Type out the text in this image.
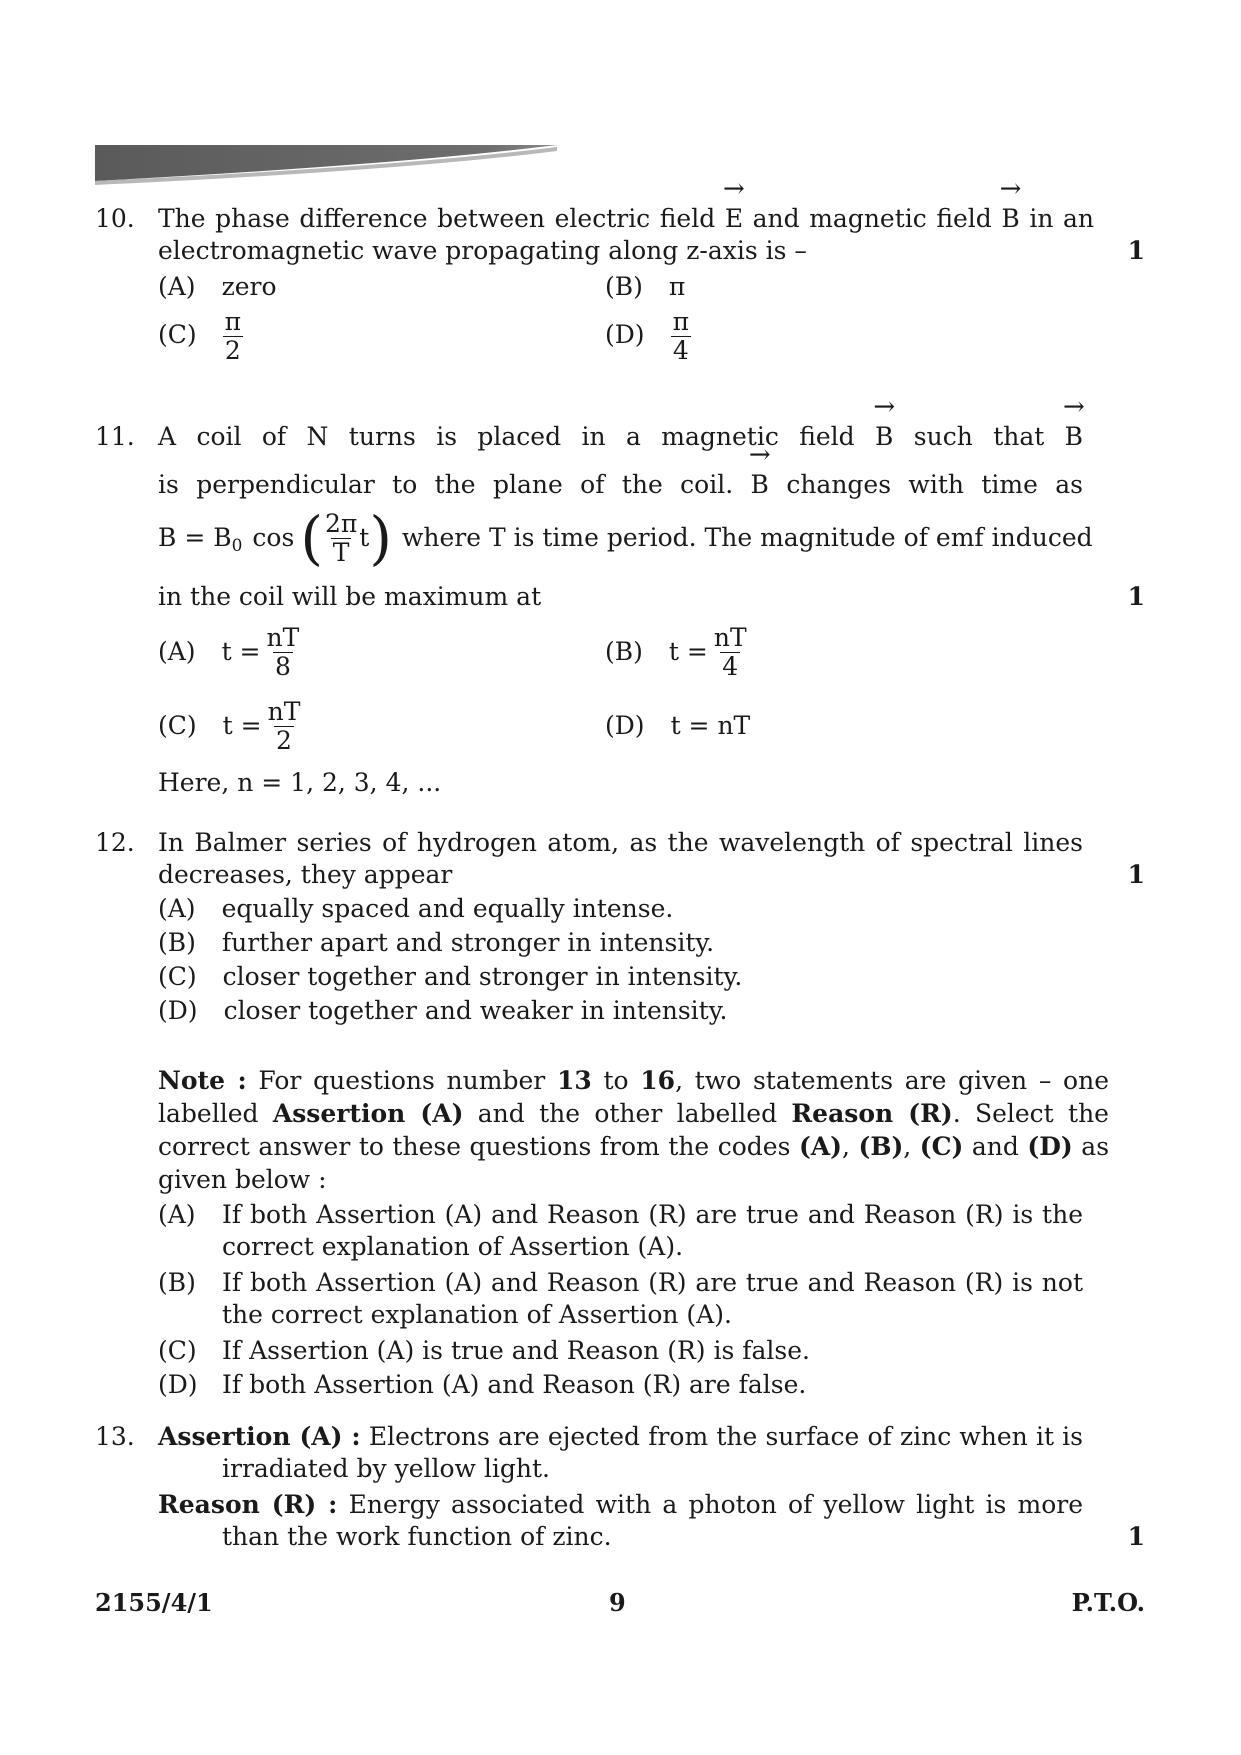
10. The phase difference between electric field → E and magnetic field → B in an
electromagnetic wave propagating along z-axis is –	1
(A) zero	(B) π
$(C) \frac{\pi}{2}$	$(D) \frac{\pi}{4}$
11. A coil of N turns is placed in a magnetic field → B such that → B
is perpendicular to the plane of the coil. → B changes with time as
$B = B_0$ cos ( $\frac{2\pi}{T}$ t ) where T is time period. The magnitude of emf induced
in the coil will be maximum at	1
(A) $t = \frac{nT}{8}$	(B) $t = \frac{nT}{4}$
(C) $t = \frac{nT}{2}$	(D) t = nT
Here, n = 1, 2, 3, 4, ...
12. In Balmer series of hydrogen atom, as the wavelength of spectral lines
decreases, they appear	1
(A) equally spaced and equally intense.
(B) further apart and stronger in intensity.
(C) closer together and stronger in intensity.
(D) closer together and weaker in intensity.
Note : For questions number 13 to 16, two statements are given – one
labelled Assertion (A) and the other labelled Reason (R). Select the
correct answer to these questions from the codes (A), (B), (C) and (D) as
given below :
(A) If both Assertion (A) and Reason (R) are true and Reason (R) is the
correct explanation of Assertion (A).
(B) If both Assertion (A) and Reason (R) are true and Reason (R) is not
the correct explanation of Assertion (A).
(C) If Assertion (A) is true and Reason (R) is false.
(D) If both Assertion (A) and Reason (R) are false.
13. Assertion (A) : Electrons are ejected from the surface of zinc when it is
irradiated by yellow light.
Reason (R) : Energy associated with a photon of yellow light is more
than the work function of zinc.	1
2155/4/1	9	P.T.O.
